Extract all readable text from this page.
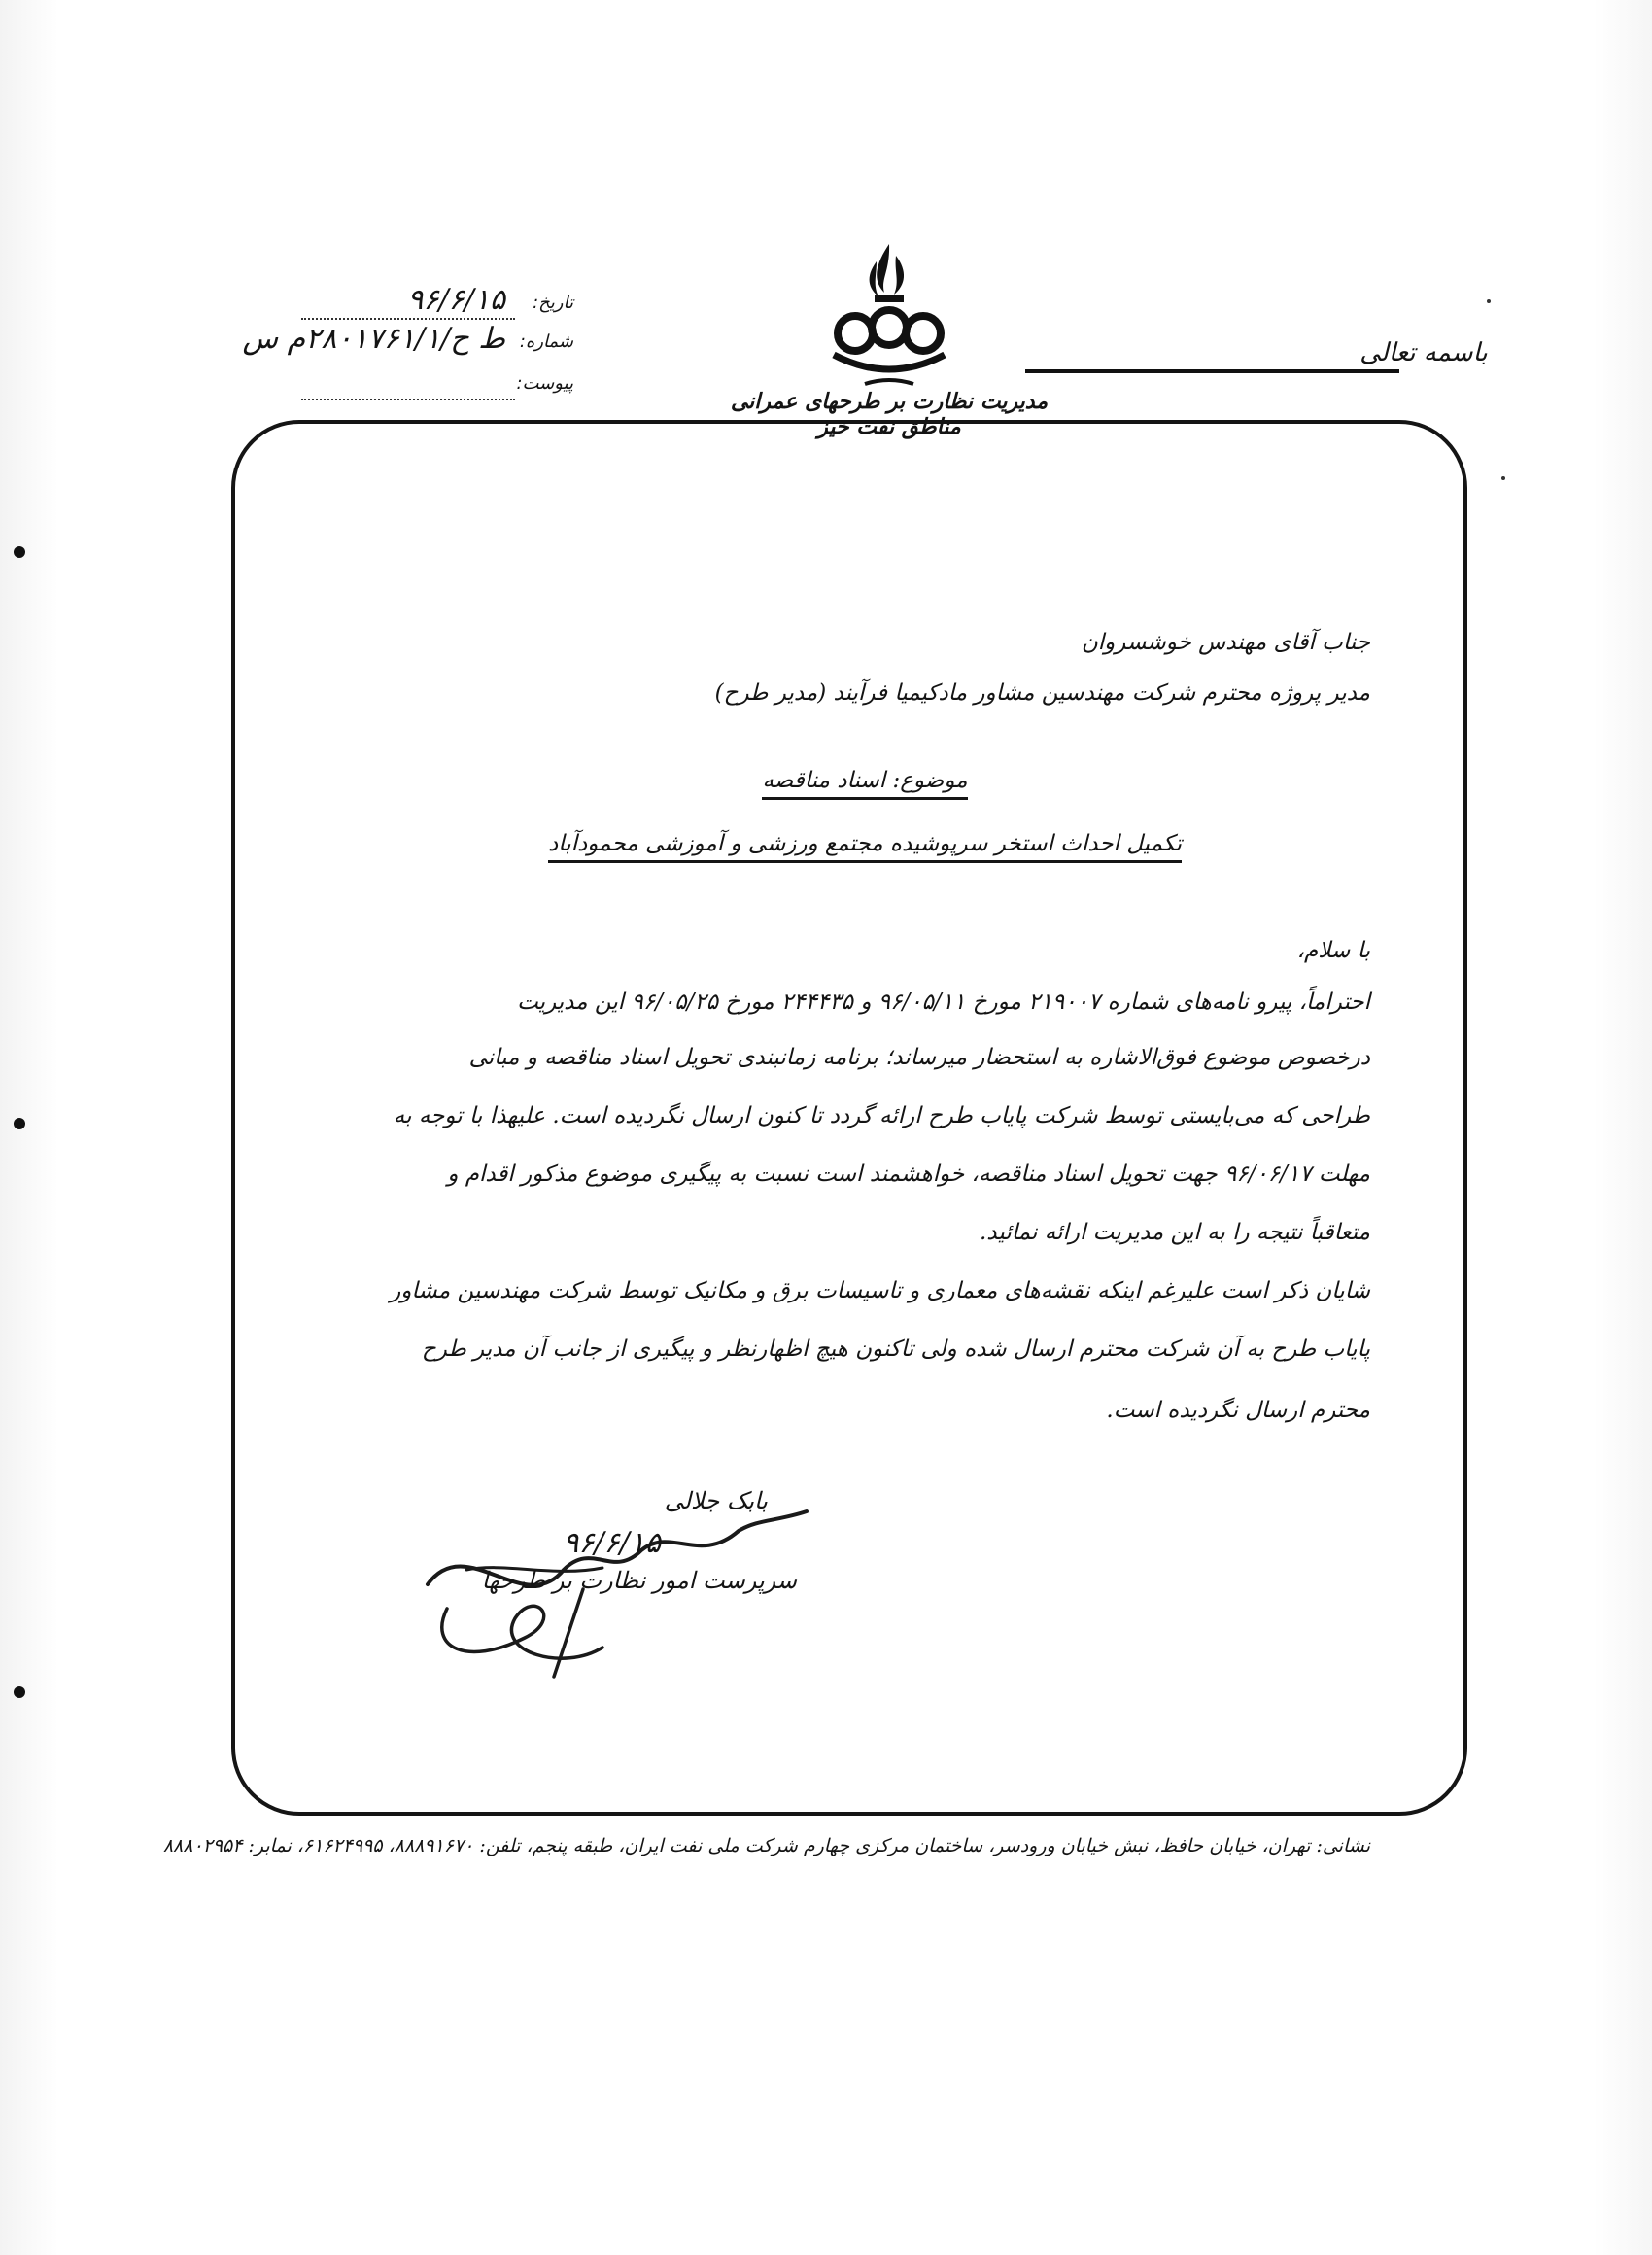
باسمه تعالی
مدیریت نظارت بر طرحهای عمرانی مناطق نفت خیز
تاریخ:
۹۶/۶/۱۵
شماره:
ط ح/۲۸۰۱۷۶۱/۱م س
پیوست:
جناب آقای مهندس خوشسروان
مدیر پروژه محترم شرکت مهندسین مشاور مادکیمیا فرآیند (مدیر طرح)
موضوع: اسناد مناقصه
تکمیل احداث استخر سرپوشیده مجتمع ورزشی و آموزشی محمودآباد
با سلام،
احتراماً، پیرو نامه‌های شماره ۲۱۹۰۰۷ مورخ ۹۶/۰۵/۱۱ و ۲۴۴۴۳۵ مورخ ۹۶/۰۵/۲۵ این مدیریت
درخصوص موضوع فوق‌الاشاره به استحضار میرساند؛ برنامه زمانبندی تحویل اسناد مناقصه و مبانی
طراحی که می‌بایستی توسط شرکت پایاب طرح ارائه گردد تا کنون ارسال نگردیده است. علیهذا با توجه به
مهلت ۹۶/۰۶/۱۷ جهت تحویل اسناد مناقصه، خواهشمند است نسبت به پیگیری موضوع مذکور اقدام و
متعاقباً نتیجه را به این مدیریت ارائه نمائید.
شایان ذکر است علیرغم اینکه نقشه‌های معماری و تاسیسات برق و مکانیک توسط شرکت مهندسین مشاور
پایاب طرح به آن شرکت محترم ارسال شده ولی تاکنون هیچ اظهارنظر و پیگیری از جانب آن مدیر طرح
محترم ارسال نگردیده است.
بابک جلالی
۹۶/۶/۱۵
سرپرست امور نظارت بر طرحها
نشانی: تهران، خیابان حافظ، نبش خیابان ورودسر، ساختمان مرکزی چهارم شرکت ملی نفت ایران، طبقه پنجم، تلفن: ۸۸۸۹۱۶۷۰، ۶۱۶۲۴۹۹۵، نمابر: ۸۸۸۰۲۹۵۴
